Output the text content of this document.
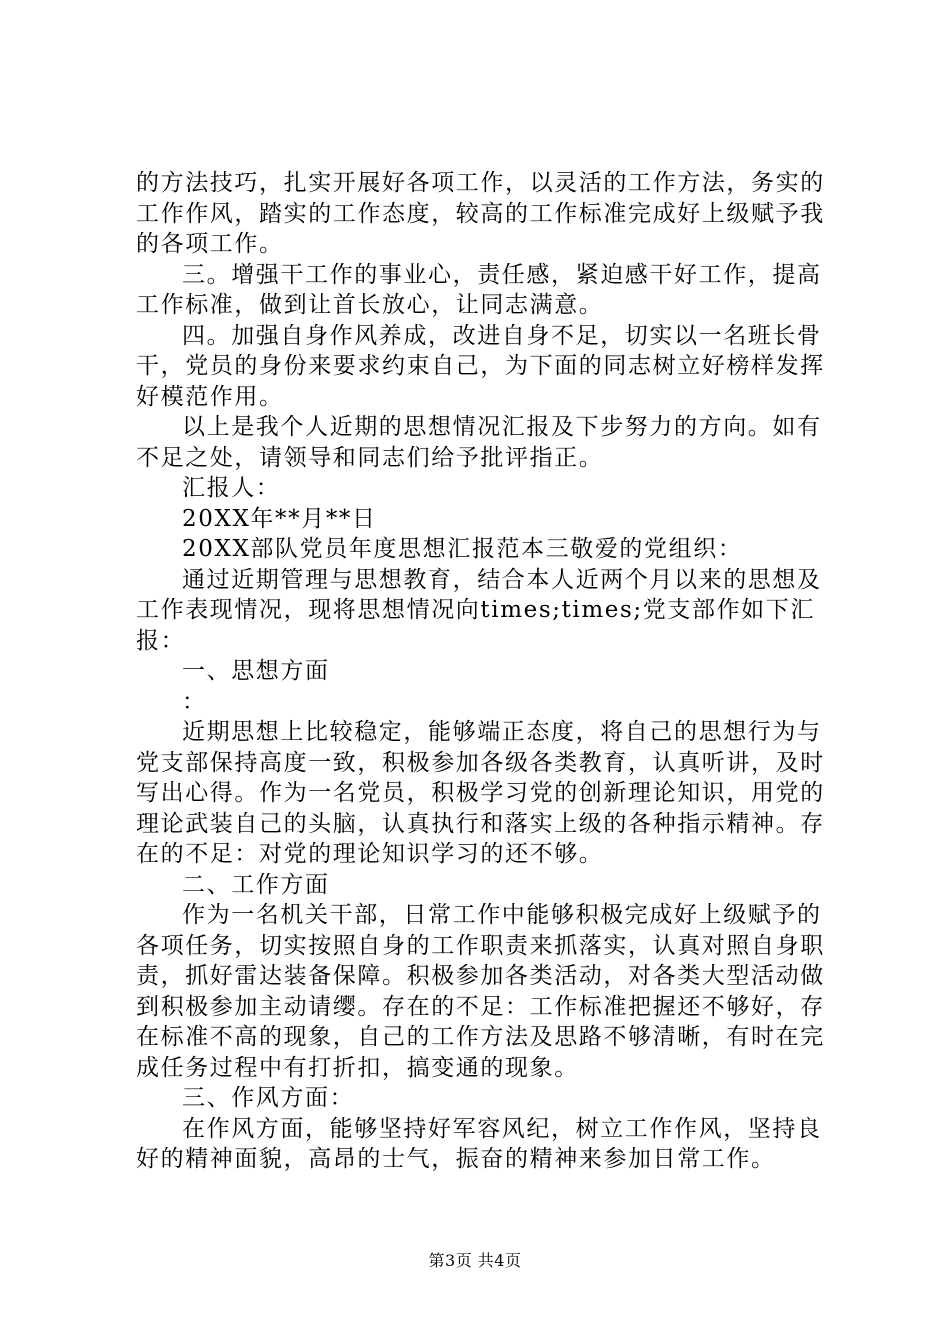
的方法技巧，扎实开展好各项工作，以灵活的工作方法，务实的工作作风，踏实的工作态度，较高的工作标准完成好上级赋予我的各项工作。

三。增强干工作的事业心，责任感，紧迫感干好工作，提高工作标准，做到让首长放心，让同志满意。

四。加强自身作风养成，改进自身不足，切实以一名班长骨干，党员的身份来要求约束自己，为下面的同志树立好榜样发挥好模范作用。

以上是我个人近期的思想情况汇报及下步努力的方向。如有不足之处，请领导和同志们给予批评指正。

汇报人：

20XX年**月**日

20XX部队党员年度思想汇报范本三敬爱的党组织：

通过近期管理与思想教育，结合本人近两个月以来的思想及工作表现情况，现将思想情况向times;times;党支部作如下汇报：

一、思想方面

：

近期思想上比较稳定，能够端正态度，将自己的思想行为与党支部保持高度一致，积极参加各级各类教育，认真听讲，及时写出心得。作为一名党员，积极学习党的创新理论知识，用党的理论武装自己的头脑，认真执行和落实上级的各种指示精神。存在的不足：对党的理论知识学习的还不够。

二、工作方面

作为一名机关干部，日常工作中能够积极完成好上级赋予的各项任务，切实按照自身的工作职责来抓落实，认真对照自身职责，抓好雷达装备保障。积极参加各类活动，对各类大型活动做到积极参加主动请缨。存在的不足：工作标准把握还不够好，存在标准不高的现象，自己的工作方法及思路不够清晰，有时在完成任务过程中有打折扣，搞变通的现象。

三、作风方面：

在作风方面，能够坚持好军容风纪，树立工作作风，坚持良好的精神面貌，高昂的士气，振奋的精神来参加日常工作。

第3页 共4页
